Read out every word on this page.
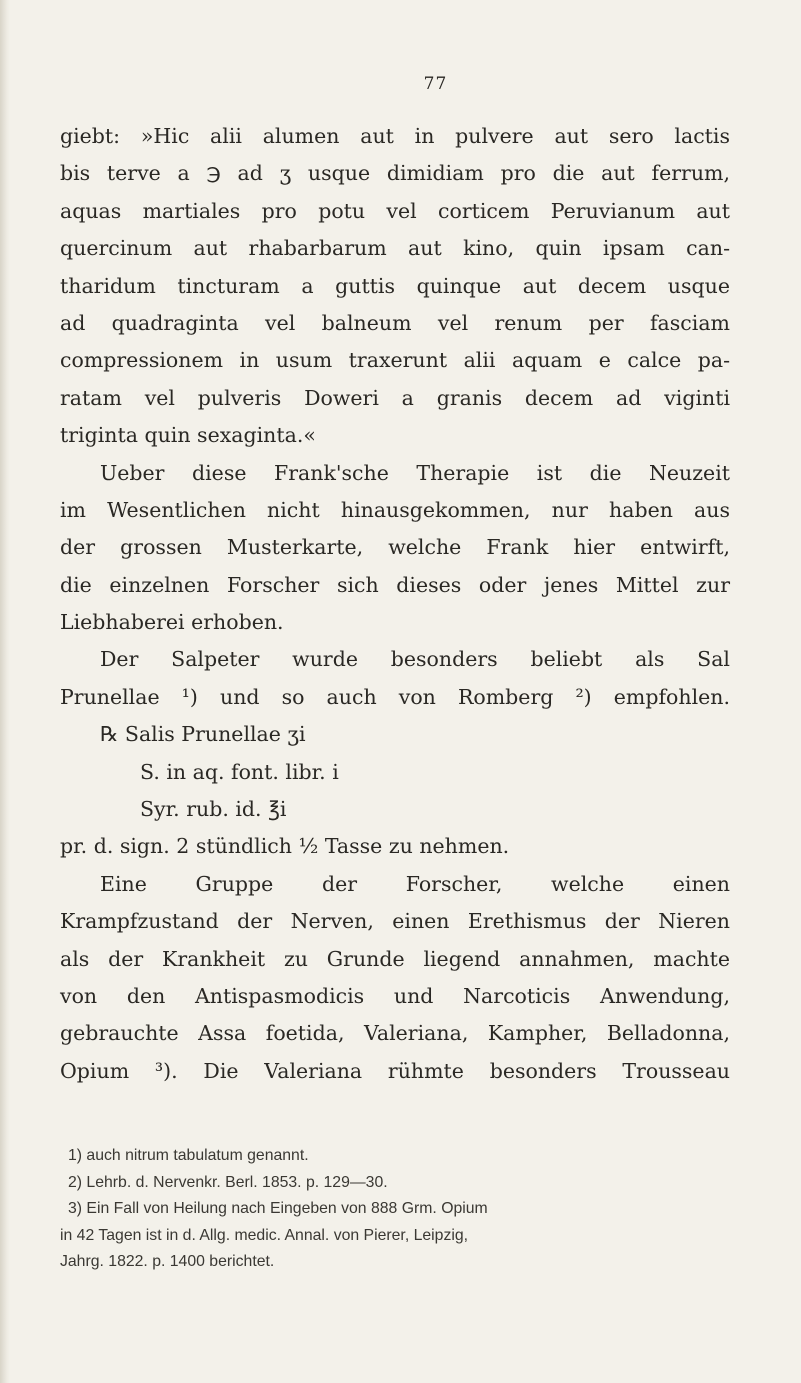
77
giebt: »Hic alii alumen aut in pulvere aut sero lactis
bis terve a ℈ ad ʒ usque dimidiam pro die aut ferrum,
aquas martiales pro potu vel corticem Peruvianum aut
quercinum aut rhabarbarum aut kino, quin ipsam can-
tharidum tincturam a guttis quinque aut decem usque
ad quadraginta vel balneum vel renum per fasciam
compressionem in usum traxerunt alii aquam e calce pa-
ratam vel pulveris Doweri a granis decem ad viginti
triginta quin sexaginta.«
Ueber diese Frank'sche Therapie ist die Neuzeit
im Wesentlichen nicht hinausgekommen, nur haben aus
der grossen Musterkarte, welche Frank hier entwirft,
die einzelnen Forscher sich dieses oder jenes Mittel zur
Liebhaberei erhoben.
Der Salpeter wurde besonders beliebt als Sal
Prunellae ¹) und so auch von Romberg ²) empfohlen.
℞ Salis Prunellae ʒi
S. in aq. font. libr. i
Syr. rub. id. ℥i
pr. d. sign. 2 stündlich ½ Tasse zu nehmen.
Eine Gruppe der Forscher, welche einen
Krampfzustand der Nerven, einen Erethismus der Nieren
als der Krankheit zu Grunde liegend annahmen, machte
von den Antispasmodicis und Narcoticis Anwendung,
gebrauchte Assa foetida, Valeriana, Kampher, Belladonna,
Opium ³). Die Valeriana rühmte besonders Trousseau
1) auch nitrum tabulatum genannt.
2) Lehrb. d. Nervenkr. Berl. 1853. p. 129—30.
3) Ein Fall von Heilung nach Eingeben von 888 Grm. Opium
in 42 Tagen ist in d. Allg. medic. Annal. von Pierer, Leipzig,
Jahrg. 1822. p. 1400 berichtet.
